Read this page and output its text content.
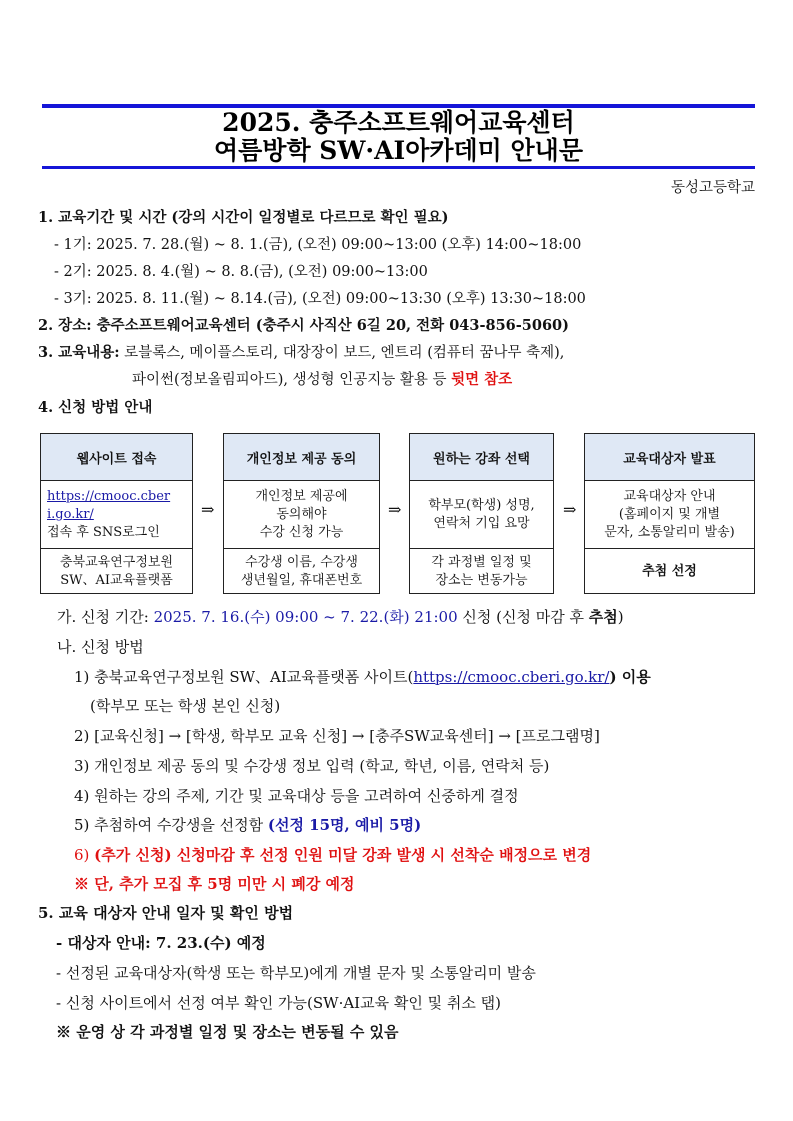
2025. 충주소프트웨어교육센터
여름방학 SW·AI아카데미 안내문
동성고등학교
1. 교육기간 및 시간 (강의 시간이 일정별로 다르므로 확인 필요)
- 1기: 2025. 7. 28.(월) ~ 8. 1.(금), (오전) 09:00~13:00 (오후) 14:00~18:00
- 2기: 2025. 8. 4.(월) ~ 8. 8.(금), (오전) 09:00~13:00
- 3기: 2025. 8. 11.(월) ~ 8.14.(금), (오전) 09:00~13:30 (오후) 13:30~18:00
2. 장소: 충주소프트웨어교육센터 (충주시 사직산 6길 20, 전화 043-856-5060)
3. 교육내용: 로블록스, 메이플스토리, 대장장이 보드, 엔트리 (컴퓨터 꿈나무 축제),
파이썬(정보올림피아드), 생성형 인공지능 활용 등 뒷면 참조
4. 신청 방법 안내
웹사이트 접속
https://cmooc.cber
i.go.kr/
접속 후 SNS로그인
충북교육연구정보원
SW、AI교육플랫폼
⇒
개인정보 제공 동의
개인정보 제공에
동의해야
수강 신청 가능
수강생 이름, 수강생
생년월일, 휴대폰번호
⇒
원하는 강좌 선택
학부모(학생) 성명,
연락처 기입 요망
각 과정별 일정 및
장소는 변동가능
⇒
교육대상자 발표
교육대상자 안내
(홈페이지 및 개별
문자, 소통알리미 발송)
추첨 선정
가. 신청 기간: 2025. 7. 16.(수) 09:00 ~ 7. 22.(화) 21:00 신청 (신청 마감 후 추첨)
나. 신청 방법
1) 충북교육연구정보원 SW、AI교육플랫폼 사이트(https://cmooc.cberi.go.kr/) 이용
(학부모 또는 학생 본인 신청)
2) [교육신청] → [학생, 학부모 교육 신청] → [충주SW교육센터] → [프로그램명]
3) 개인정보 제공 동의 및 수강생 정보 입력 (학교, 학년, 이름, 연락처 등)
4) 원하는 강의 주제, 기간 및 교육대상 등을 고려하여 신중하게 결정
5) 추첨하여 수강생을 선정함 (선정 15명, 예비 5명)
6) (추가 신청) 신청마감 후 선정 인원 미달 강좌 발생 시 선착순 배정으로 변경
※ 단, 추가 모집 후 5명 미만 시 폐강 예정
5. 교육 대상자 안내 일자 및 확인 방법
- 대상자 안내: 7. 23.(수) 예정
- 선정된 교육대상자(학생 또는 학부모)에게 개별 문자 및 소통알리미 발송
- 신청 사이트에서 선정 여부 확인 가능(SW·AI교육 확인 및 취소 탭)
※ 운영 상 각 과정별 일정 및 장소는 변동될 수 있음
